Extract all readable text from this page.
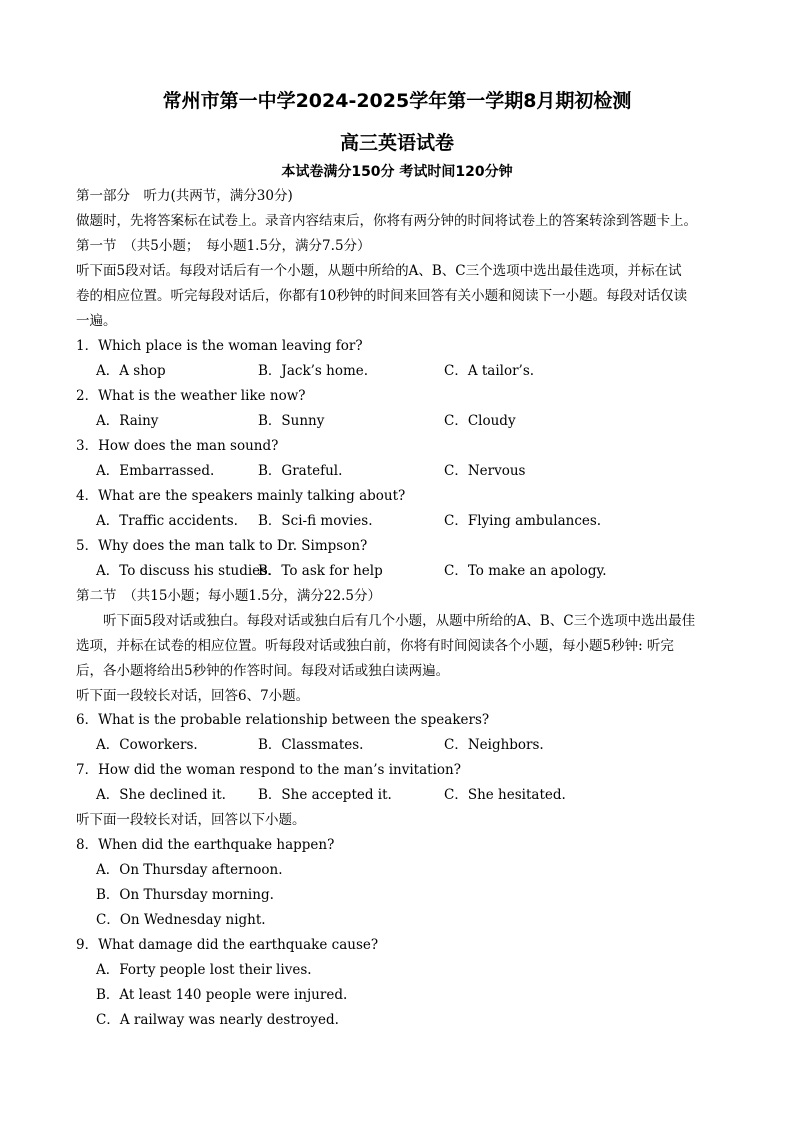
常州市第一中学2024-2025学年第一学期8月期初检测
高三英语试卷
本试卷满分150分 考试时间120分钟
第一部分　听力(共两节，满分30分)
做题时，先将答案标在试卷上。录音内容结束后，你将有两分钟的时间将试卷上的答案转涂到答题卡上。
第一节　（共5小题；　每小题1.5分，满分7.5分）
听下面5段对话。每段对话后有一个小题，从题中所给的A、B、C三个选项中选出最佳选项，并标在试
卷的相应位置。听完每段对话后，你都有10秒钟的时间来回答有关小题和阅读下一小题。每段对话仅读
一遍。
1．Which place is the woman leaving for?
A．A shop	B．Jack’s home.	C．A tailor’s.
2．What is the weather like now?
A．Rainy	B．Sunny	C．Cloudy
3．How does the man sound?
A．Embarrassed.	B．Grateful.	C．Nervous
4．What are the speakers mainly talking about?
A．Traffic accidents. B．Sci-fi movies.	C．Flying ambulances.
5．Why does the man talk to Dr. Simpson?
A．To discuss his studies.
B．To ask for help	C．To make an apology.
第二节　（共15小题；每小题1.5分，满分22.5分）
　　听下面5段对话或独白。每段对话或独白后有几个小题，从题中所给的A、B、C三个选项中选出最佳
选项，并标在试卷的相应位置。听每段对话或独白前，你将有时间阅读各个小题，每小题5秒钟: 听完
后，各小题将给出5秒钟的作答时间。每段对话或独白读两遍。
听下面一段较长对话，回答6、7小题。
6．What is the probable relationship between the speakers?
A．Coworkers.	B．Classmates.	C．Neighbors.
7．How did the woman respond to the man’s invitation?
A．She declined it. B．She accepted it.	C．She hesitated.
听下面一段较长对话，回答以下小题。
8．When did the earthquake happen?
A．On Thursday afternoon.
B．On Thursday morning.
C．On Wednesday night.
9．What damage did the earthquake cause?
A．Forty people lost their lives.
B．At least 140 people were injured.
C．A railway was nearly destroyed.
